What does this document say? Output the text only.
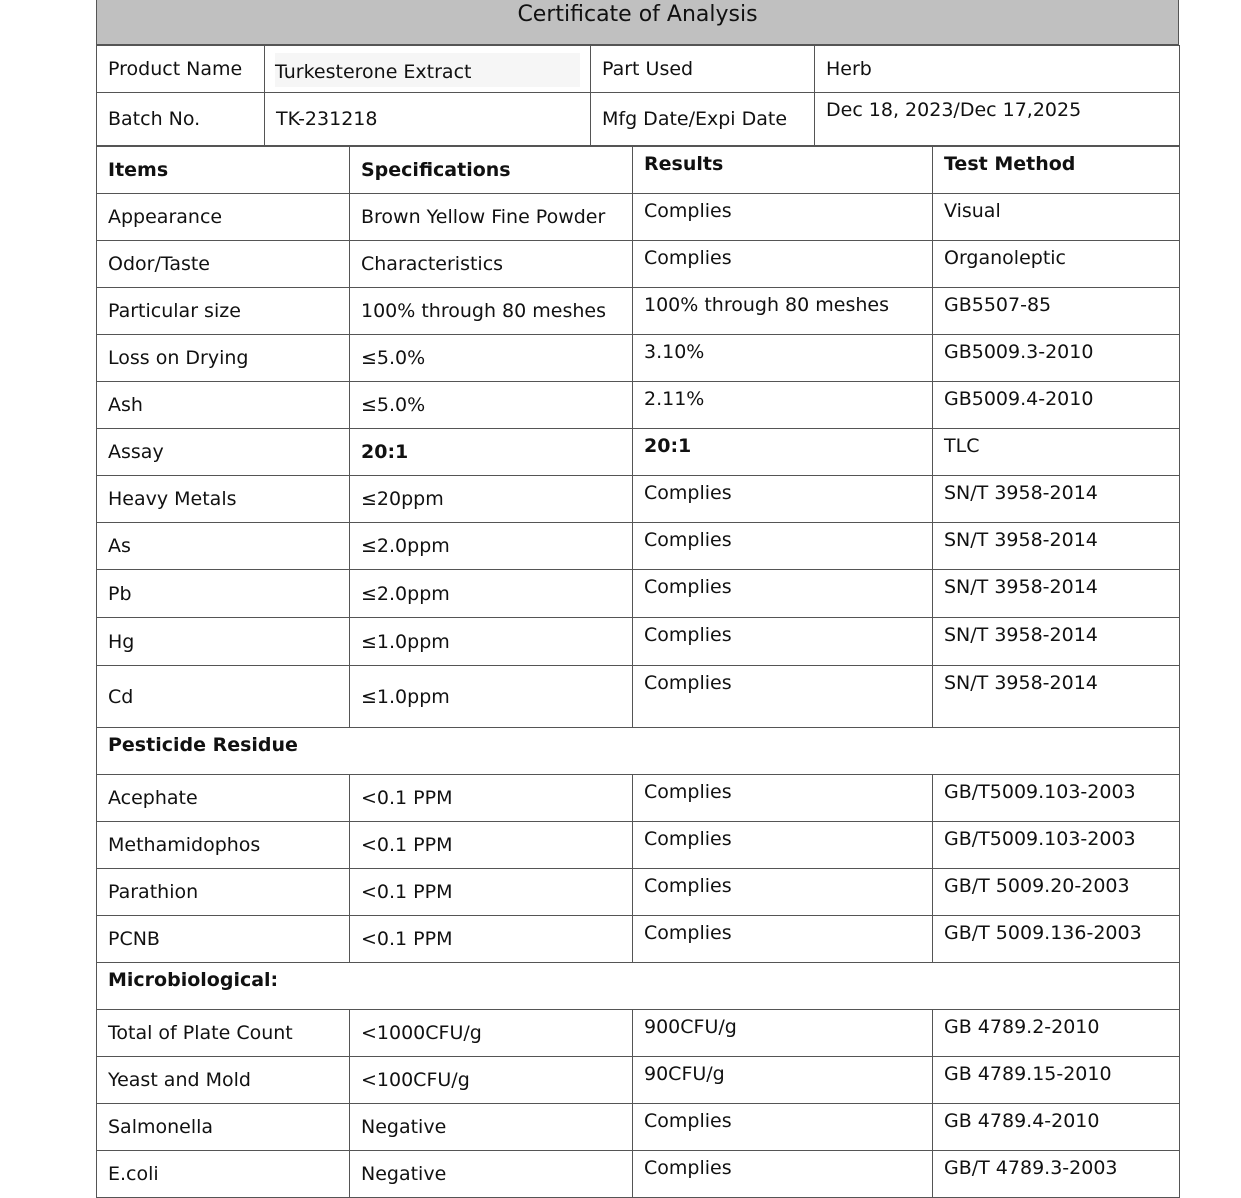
Certificate of Analysis
Product Name	Turkesterone Extract	Part Used	Herb
Batch No.	TK-231218	Mfg Date/Expi Date	Dec 18, 2023/Dec 17,2025
Items	Specifications	Results	Test Method
Appearance	Brown Yellow Fine Powder	Complies	Visual
Odor/Taste	Characteristics	Complies	Organoleptic
Particular size	100% through 80 meshes	100% through 80 meshes	GB5507-85
Loss on Drying	≤5.0%	3.10%	GB5009.3-2010
Ash	≤5.0%	2.11%	GB5009.4-2010
Assay	20:1	20:1	TLC
Heavy Metals	≤20ppm	Complies	SN/T 3958-2014
As	≤2.0ppm	Complies	SN/T 3958-2014
Pb	≤2.0ppm	Complies	SN/T 3958-2014
Hg	≤1.0ppm	Complies	SN/T 3958-2014
Cd	≤1.0ppm	Complies	SN/T 3958-2014
Pesticide Residue			
Acephate	<0.1 PPM	Complies	GB/T5009.103-2003
Methamidophos	<0.1 PPM	Complies	GB/T5009.103-2003
Parathion	<0.1 PPM	Complies	GB/T 5009.20-2003
PCNB	<0.1 PPM	Complies	GB/T 5009.136-2003
Microbiological:			
Total of Plate Count	<1000CFU/g	900CFU/g	GB 4789.2-2010
Yeast and Mold	<100CFU/g	90CFU/g	GB 4789.15-2010
Salmonella	Negative	Complies	GB 4789.4-2010
E.coli	Negative	Complies	GB/T 4789.3-2003
